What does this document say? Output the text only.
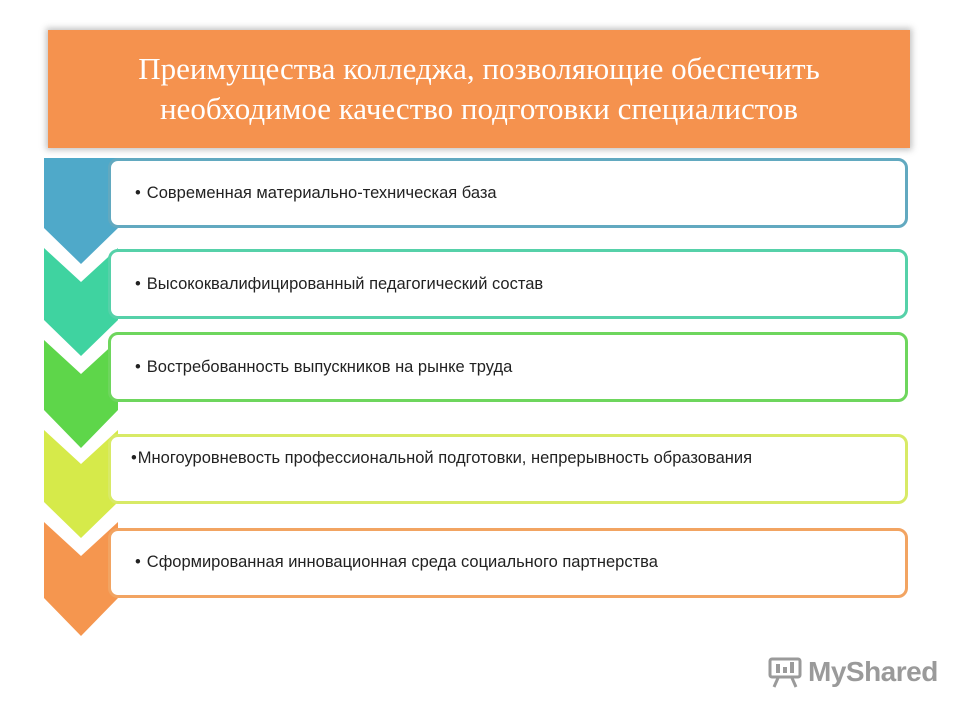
Преимущества колледжа, позволяющие обеспечить
необходимое качество подготовки специалистов
• Современная материально-техническая база
• Высококвалифицированный педагогический состав
• Востребованность выпускников на рынке труда
•Многоуровневость профессиональной подготовки, непрерывность образования
• Сформированная инновационная среда социального партнерства
MyShared
